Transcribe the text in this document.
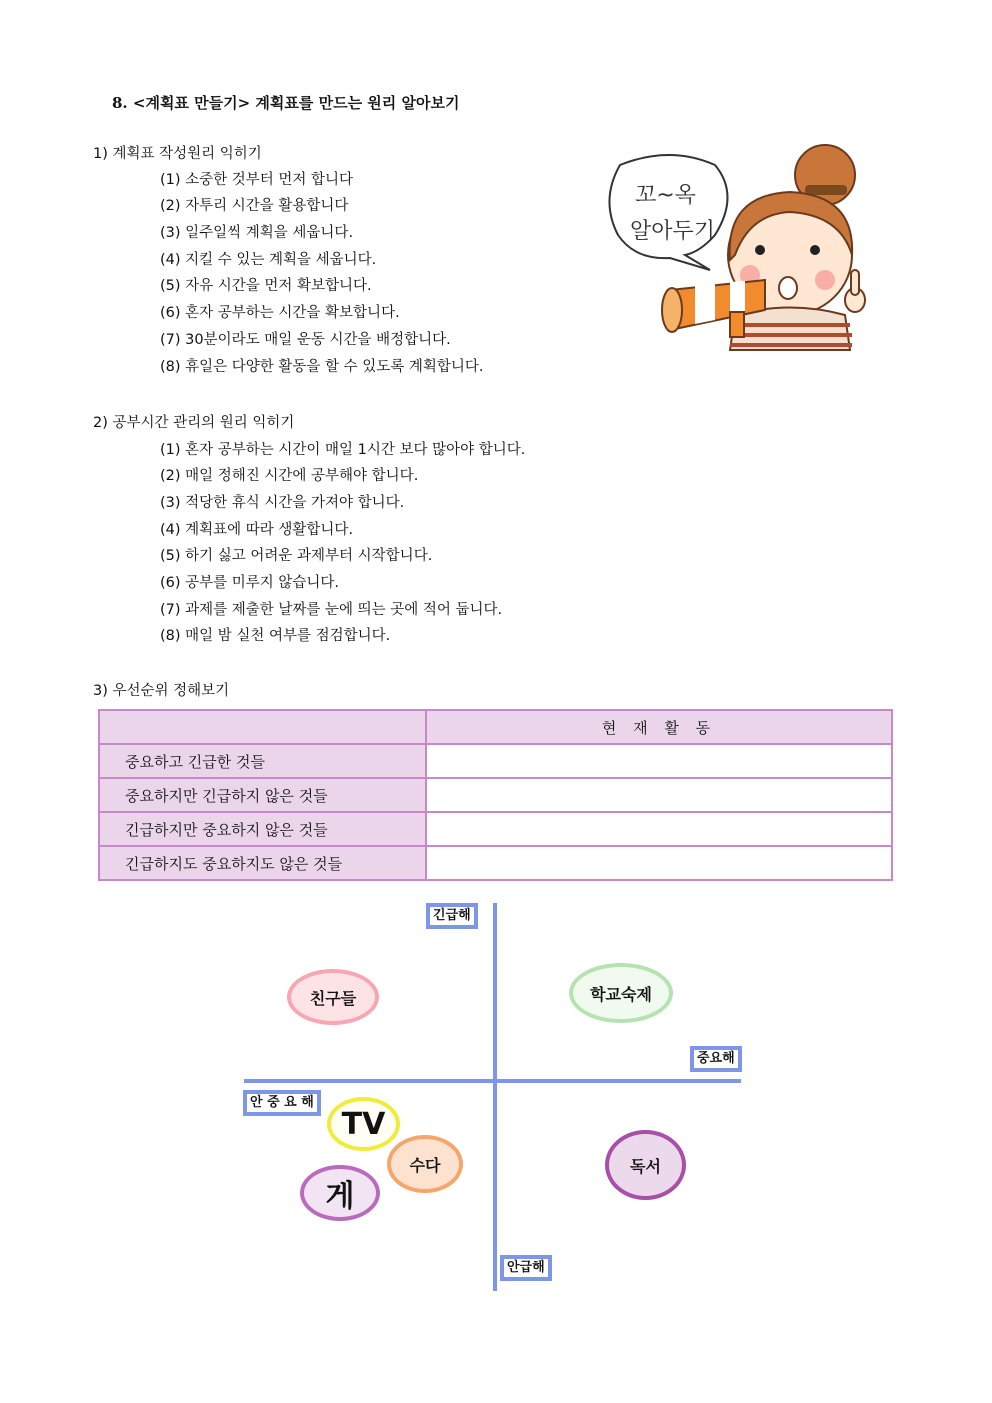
8. <계획표 만들기> 계획표를 만드는 원리 알아보기
1) 계획표 작성원리 익히기
(1) 소중한 것부터 먼저 합니다
(2) 자투리 시간을 활용합니다
(3) 일주일씩 계획을 세웁니다.
(4) 지킬 수 있는 계획을 세웁니다.
(5) 자유 시간을 먼저 확보합니다.
(6) 혼자 공부하는 시간을 확보합니다.
(7) 30분이라도 매일 운동 시간을 배정합니다.
(8) 휴일은 다양한 활동을 할 수 있도록 계획합니다.
꼬~옥
알아두기
2) 공부시간 관리의 원리 익히기
(1) 혼자 공부하는 시간이 매일 1시간 보다 많아야 합니다.
(2) 매일 정해진 시간에 공부해야 합니다.
(3) 적당한 휴식 시간을 가져야 합니다.
(4) 계획표에 따라 생활합니다.
(5) 하기 싫고 어려운 과제부터 시작합니다.
(6) 공부를 미루지 않습니다.
(7) 과제를 제출한 날짜를 눈에 띄는 곳에 적어 둡니다.
(8) 매일 밤 실천 여부를 점검합니다.
3) 우선순위 정해보기
	현 재 활 동
중요하고 긴급한 것들	
중요하지만 긴급하지 않은 것들	
긴급하지만 중요하지 않은 것들	
긴급하지도 중요하지도 않은 것들	
긴급해
중요해
안 중 요 해
안급해
친구들	학교숙제
TV
수다
게
독서
